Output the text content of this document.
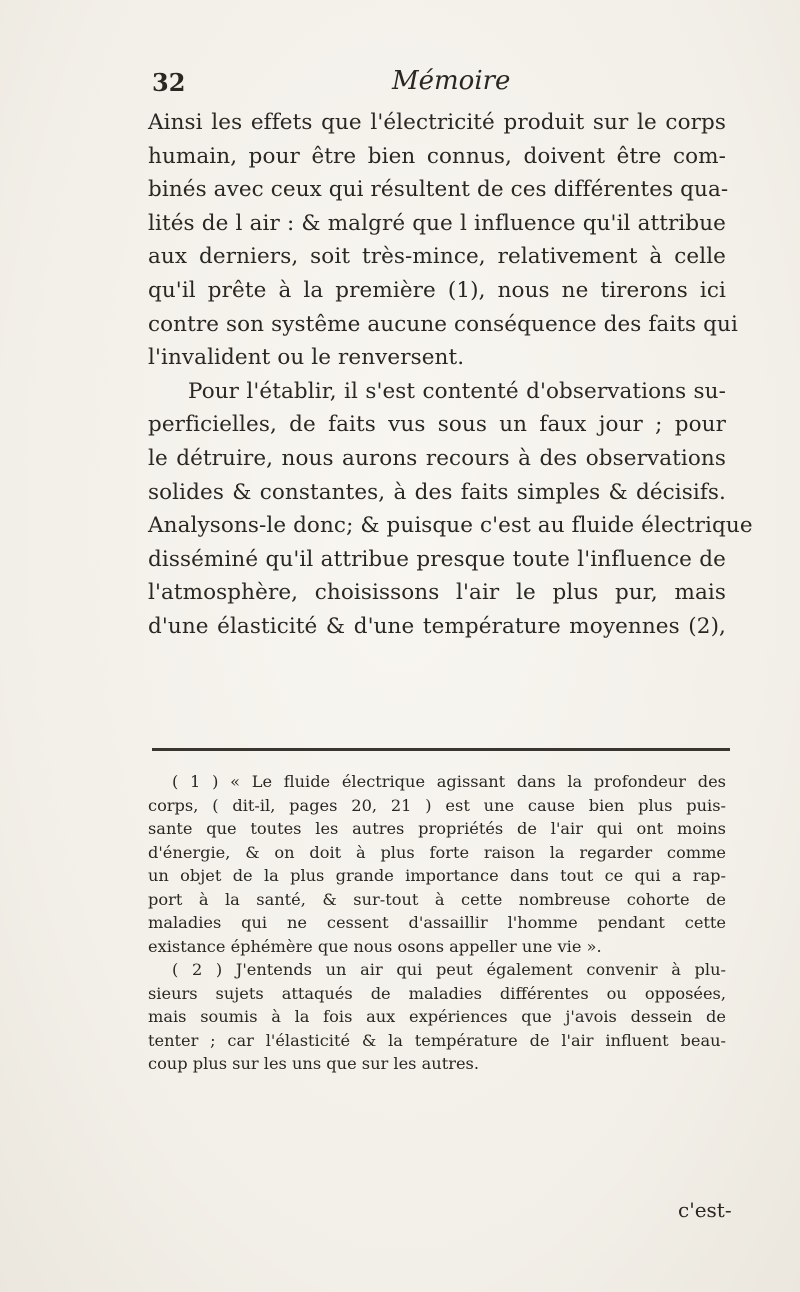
32	Mémoire
Ainsi les effets que l'électricité produit sur le corps
humain, pour être bien connus, doivent être com-
binés avec ceux qui résultent de ces différentes qua-
lités de l air : & malgré que l influence qu'il attribue
aux derniers, soit très-mince, relativement à celle
qu'il prête à la première (1), nous ne tirerons ici
contre son systême aucune conséquence des faits qui
l'invalident ou le renversent.
Pour l'établir, il s'est contenté d'observations su-
perficielles, de faits vus sous un faux jour ; pour
le détruire, nous aurons recours à des observations
solides & constantes, à des faits simples & décisifs.
Analysons-le donc; & puisque c'est au fluide électrique
disséminé qu'il attribue presque toute l'influence de
l'atmosphère, choisissons l'air le plus pur, mais
d'une élasticité & d'une température moyennes (2),
( 1 ) « Le fluide électrique agissant dans la profondeur des
corps, ( dit-il, pages 20, 21 ) est une cause bien plus puis-
sante que toutes les autres propriétés de l'air qui ont moins
d'énergie, & on doit à plus forte raison la regarder comme
un objet de la plus grande importance dans tout ce qui a rap-
port à la santé, & sur-tout à cette nombreuse cohorte de
maladies qui ne cessent d'assaillir l'homme pendant cette
existance éphémère que nous osons appeller une vie ».
( 2 ) J'entends un air qui peut également convenir à plu-
sieurs sujets attaqués de maladies différentes ou opposées,
mais soumis à la fois aux expériences que j'avois dessein de
tenter ; car l'élasticité & la température de l'air influent beau-
coup plus sur les uns que sur les autres.
c'est-
